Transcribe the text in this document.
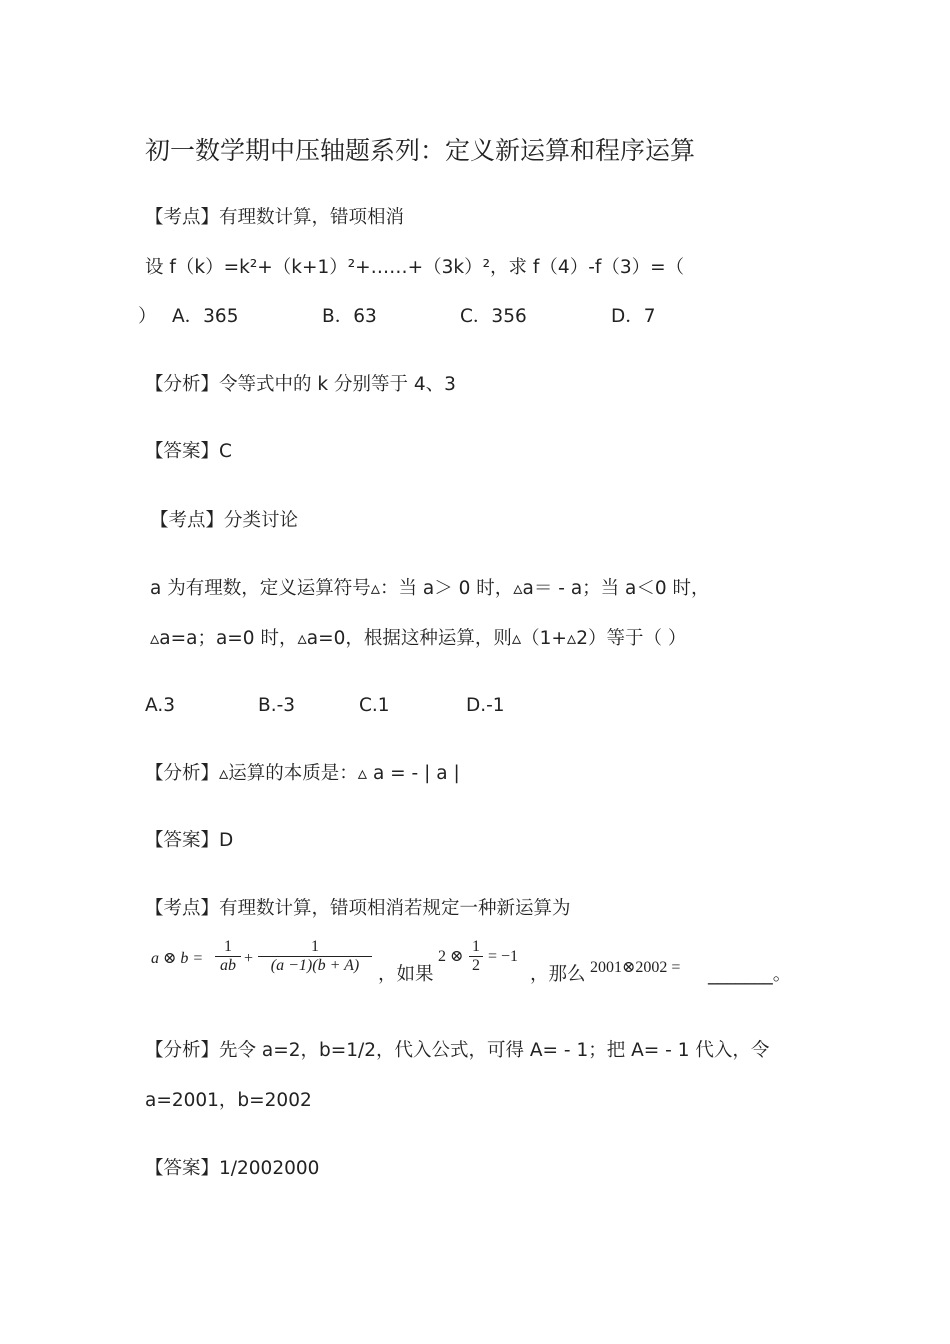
初一数学期中压轴题系列：定义新运算和程序运算
【考点】有理数计算，错项相消
设 f（k）=k²+（k+1）²+……+（3k）²，求 f（4）-f（3）=（
） A．365	B．63	C．356	D．7
【分析】令等式中的 k 分别等于 4、3
【答案】C
【考点】分类讨论
a 为有理数，定义运算符号▵：当 a＞ 0 时，▵a＝ - a；当 a＜0 时，
▵a=a；a=0 时，▵a=0，根据这种运算，则▵（1+▵2）等于（ ）
A.3	B.-3	C.1	D.-1
【分析】▵运算的本质是：▵ a = - | a |
【答案】D
【考点】有理数计算，错项相消若规定一种新运算为
a ⊗ b =
1
ab +
1
(a −1)(b + A)	，如果
2 ⊗
1
2
= −1
，那么 2001⊗2002 = _______。
【分析】先令 a=2，b=1/2，代入公式，可得 A= - 1；把 A= - 1 代入，令
a=2001，b=2002
【答案】1/2002000
